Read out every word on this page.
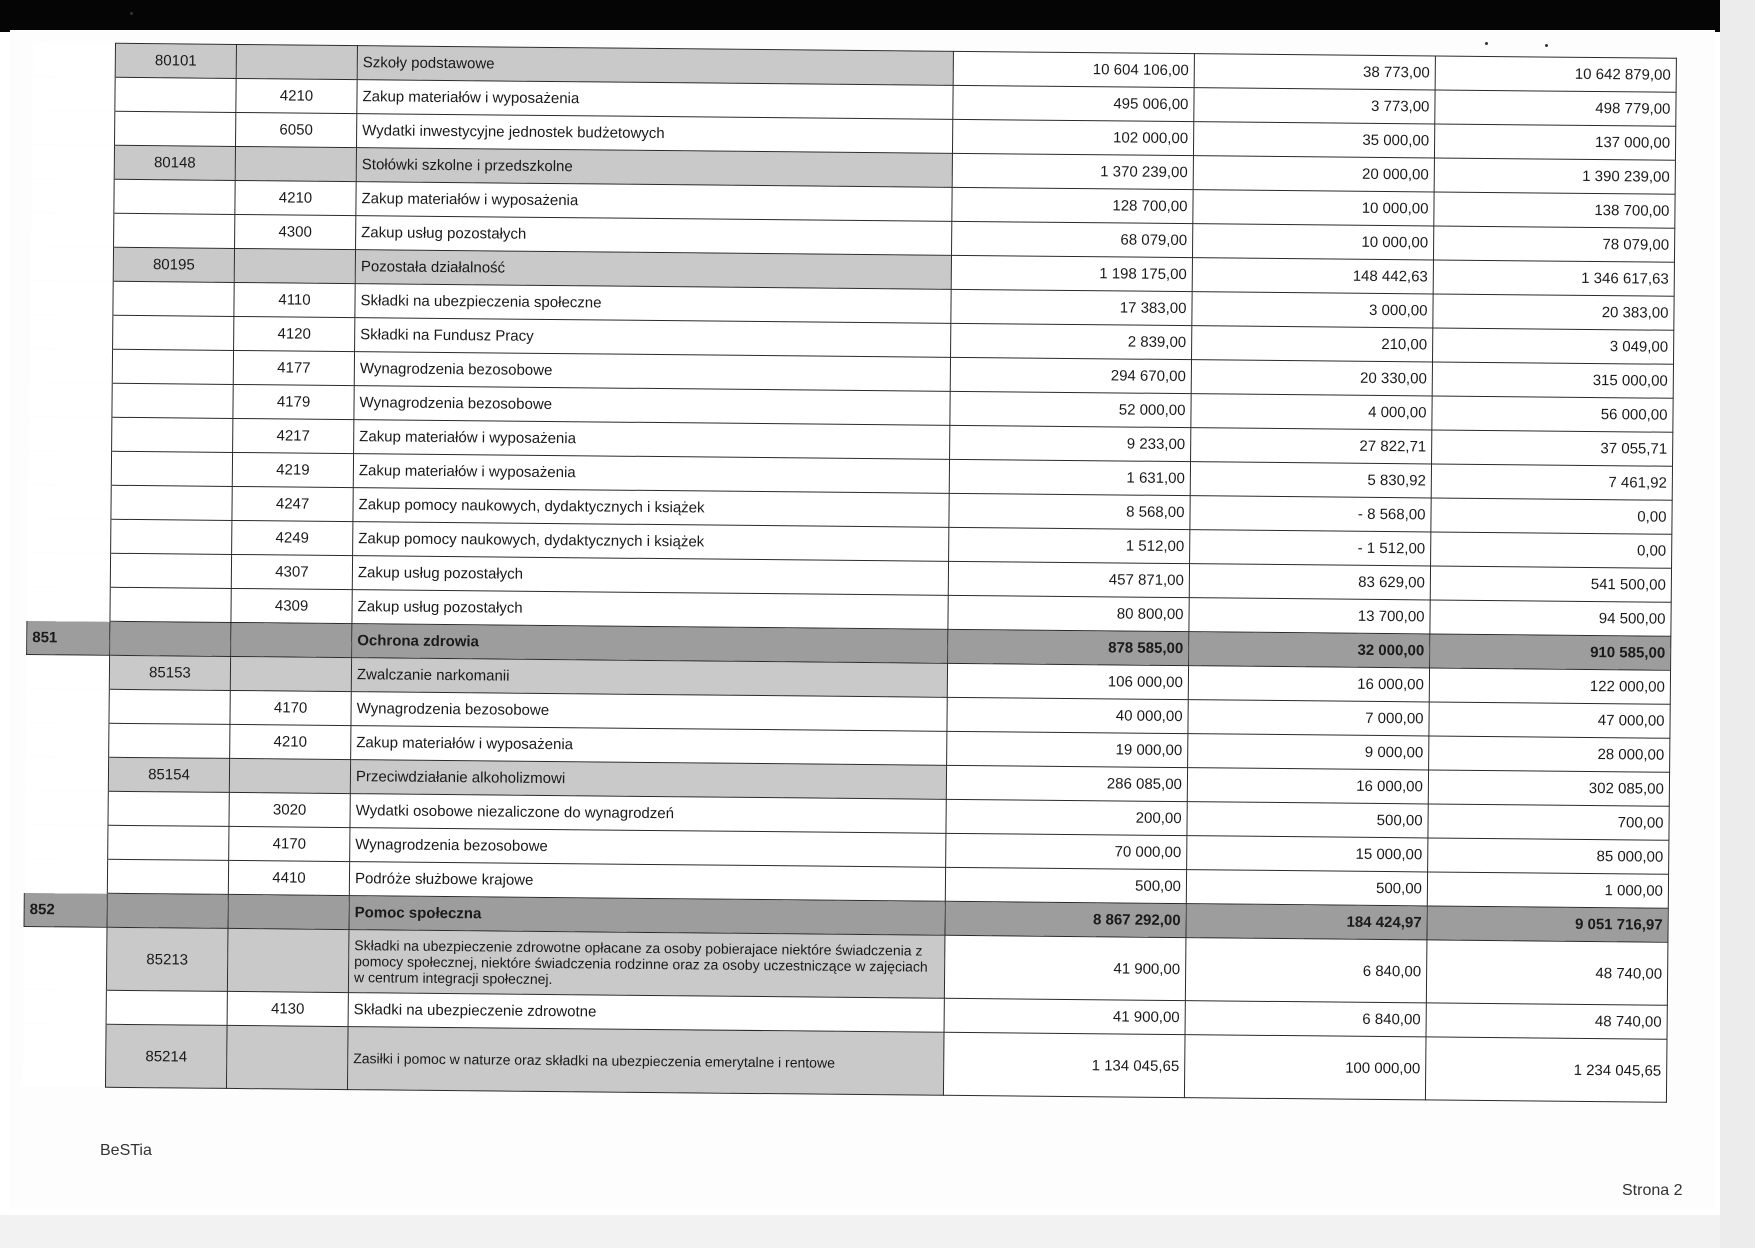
	80101		Szkoły podstawowe	10 604 106,00	38 773,00	10 642 879,00
		4210	Zakup materiałów i wyposażenia	495 006,00	3 773,00	498 779,00
		6050	Wydatki inwestycyjne jednostek budżetowych	102 000,00	35 000,00	137 000,00
	80148		Stołówki szkolne i przedszkolne	1 370 239,00	20 000,00	1 390 239,00
		4210	Zakup materiałów i wyposażenia	128 700,00	10 000,00	138 700,00
		4300	Zakup usług pozostałych	68 079,00	10 000,00	78 079,00
	80195		Pozostała działalność	1 198 175,00	148 442,63	1 346 617,63
		4110	Składki na ubezpieczenia społeczne	17 383,00	3 000,00	20 383,00
		4120	Składki na Fundusz Pracy	2 839,00	210,00	3 049,00
		4177	Wynagrodzenia bezosobowe	294 670,00	20 330,00	315 000,00
		4179	Wynagrodzenia bezosobowe	52 000,00	4 000,00	56 000,00
		4217	Zakup materiałów i wyposażenia	9 233,00	27 822,71	37 055,71
		4219	Zakup materiałów i wyposażenia	1 631,00	5 830,92	7 461,92
		4247	Zakup pomocy naukowych, dydaktycznych i książek	8 568,00	- 8 568,00	0,00
		4249	Zakup pomocy naukowych, dydaktycznych i książek	1 512,00	- 1 512,00	0,00
		4307	Zakup usług pozostałych	457 871,00	83 629,00	541 500,00
		4309	Zakup usług pozostałych	80 800,00	13 700,00	94 500,00
851			Ochrona zdrowia	878 585,00	32 000,00	910 585,00
	85153		Zwalczanie narkomanii	106 000,00	16 000,00	122 000,00
		4170	Wynagrodzenia bezosobowe	40 000,00	7 000,00	47 000,00
		4210	Zakup materiałów i wyposażenia	19 000,00	9 000,00	28 000,00
	85154		Przeciwdziałanie alkoholizmowi	286 085,00	16 000,00	302 085,00
		3020	Wydatki osobowe niezaliczone do wynagrodzeń	200,00	500,00	700,00
		4170	Wynagrodzenia bezosobowe	70 000,00	15 000,00	85 000,00
		4410	Podróże służbowe krajowe	500,00	500,00	1 000,00
852			Pomoc społeczna	8 867 292,00	184 424,97	9 051 716,97
	85213		Składki na ubezpieczenie zdrowotne opłacane za osoby pobierajace niektóre świadczenia z pomocy społecznej, niektóre świadczenia rodzinne oraz za osoby uczestniczące w zajęciach w centrum integracji społecznej.	41 900,00	6 840,00	48 740,00
		4130	Składki na ubezpieczenie zdrowotne	41 900,00	6 840,00	48 740,00
	85214		Zasiłki i pomoc w naturze oraz składki na ubezpieczenia emerytalne i rentowe	1 134 045,65	100 000,00	1 234 045,65
BeSTia
Strona 2
